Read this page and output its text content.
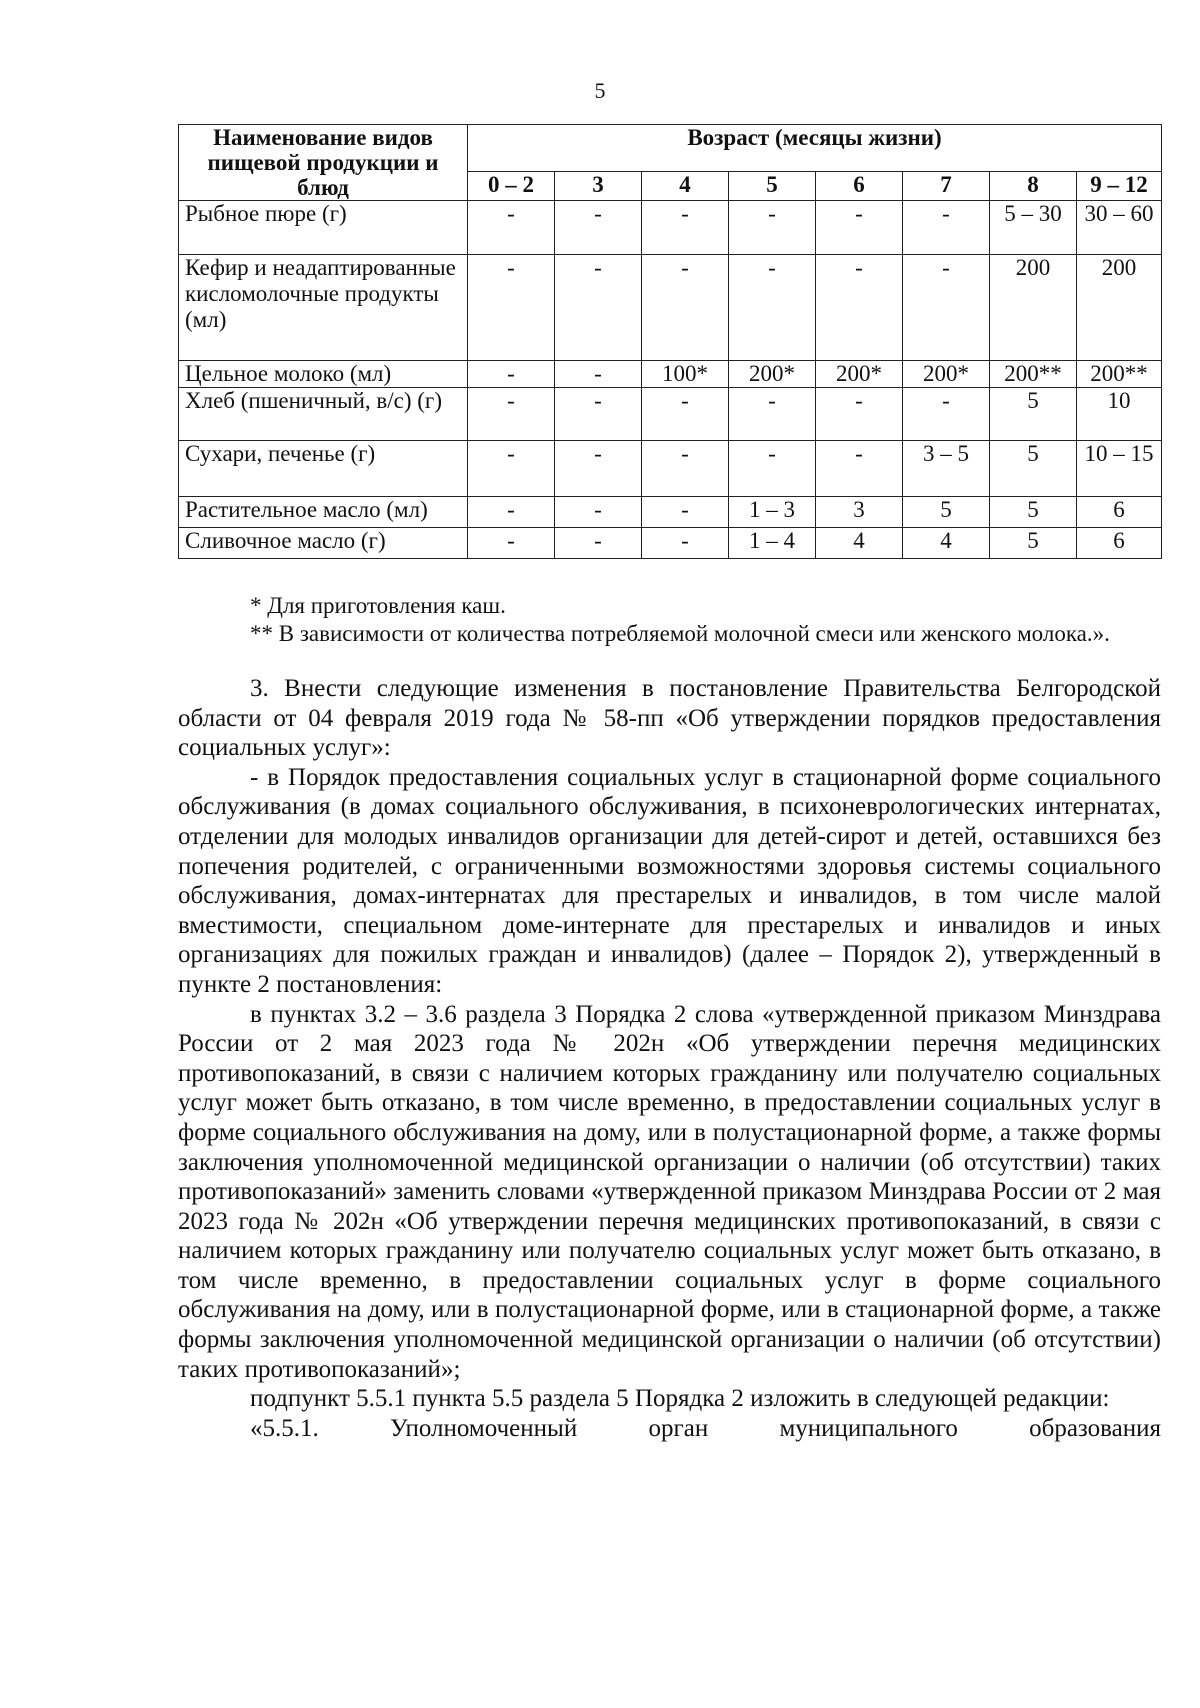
5
Наименование видов пищевой продукции и блюд	Возраст (месяцы жизни)							
	0 – 2	3	4	5	6	7	8	9 – 12
Рыбное пюре (г)	-	-	-	-	-	-	5 – 30	30 – 60
Кефир и неадаптированные кисломолочные продукты (мл)	-	-	-	-	-	-	200	200
Цельное молоко (мл)	-	-	100*	200*	200*	200*	200**	200**
Хлеб (пшеничный, в/с) (г)	-	-	-	-	-	-	5	10
Сухари, печенье (г)	-	-	-	-	-	3 – 5	5	10 – 15
Растительное масло (мл)	-	-	-	1 – 3	3	5	5	6
Сливочное масло (г)	-	-	-	1 – 4	4	4	5	6

* Для приготовления каш.

** В зависимости от количества потребляемой молочной смеси или женского молока.».

3. Внести следующие изменения в постановление Правительства Белгородской области от 04 февраля 2019 года № 58-пп «Об утверждении порядков предоставления социальных услуг»:

- в Порядок предоставления социальных услуг в стационарной форме социального обслуживания (в домах социального обслуживания, в психоневрологических интернатах, отделении для молодых инвалидов организации для детей-сирот и детей, оставшихся без попечения родителей, с ограниченными возможностями здоровья системы социального обслуживания, домах-интернатах для престарелых и инвалидов, в том числе малой вместимости, специальном доме-интернате для престарелых и инвалидов и иных организациях для пожилых граждан и инвалидов) (далее – Порядок 2), утвержденный в пункте 2 постановления:

в пунктах 3.2 – 3.6 раздела 3 Порядка 2 слова «утвержденной приказом Минздрава России от 2 мая 2023 года № 202н «Об утверждении перечня медицинских противопоказаний, в связи с наличием которых гражданину или получателю социальных услуг может быть отказано, в том числе временно, в предоставлении социальных услуг в форме социального обслуживания на дому, или в полустационарной форме, а также формы заключения уполномоченной медицинской организации о наличии (об отсутствии) таких противопоказаний» заменить словами «утвержденной приказом Минздрава России от 2 мая 2023 года № 202н «Об утверждении перечня медицинских противопоказаний, в связи с наличием которых гражданину или получателю социальных услуг может быть отказано, в том числе временно, в предоставлении социальных услуг в форме социального обслуживания на дому, или в полустационарной форме, или в стационарной форме, а также формы заключения уполномоченной медицинской организации о наличии (об отсутствии) таких противопоказаний»;

подпункт 5.5.1 пункта 5.5 раздела 5 Порядка 2 изложить в следующей редакции:

«5.5.1. Уполномоченный орган муниципального образования
